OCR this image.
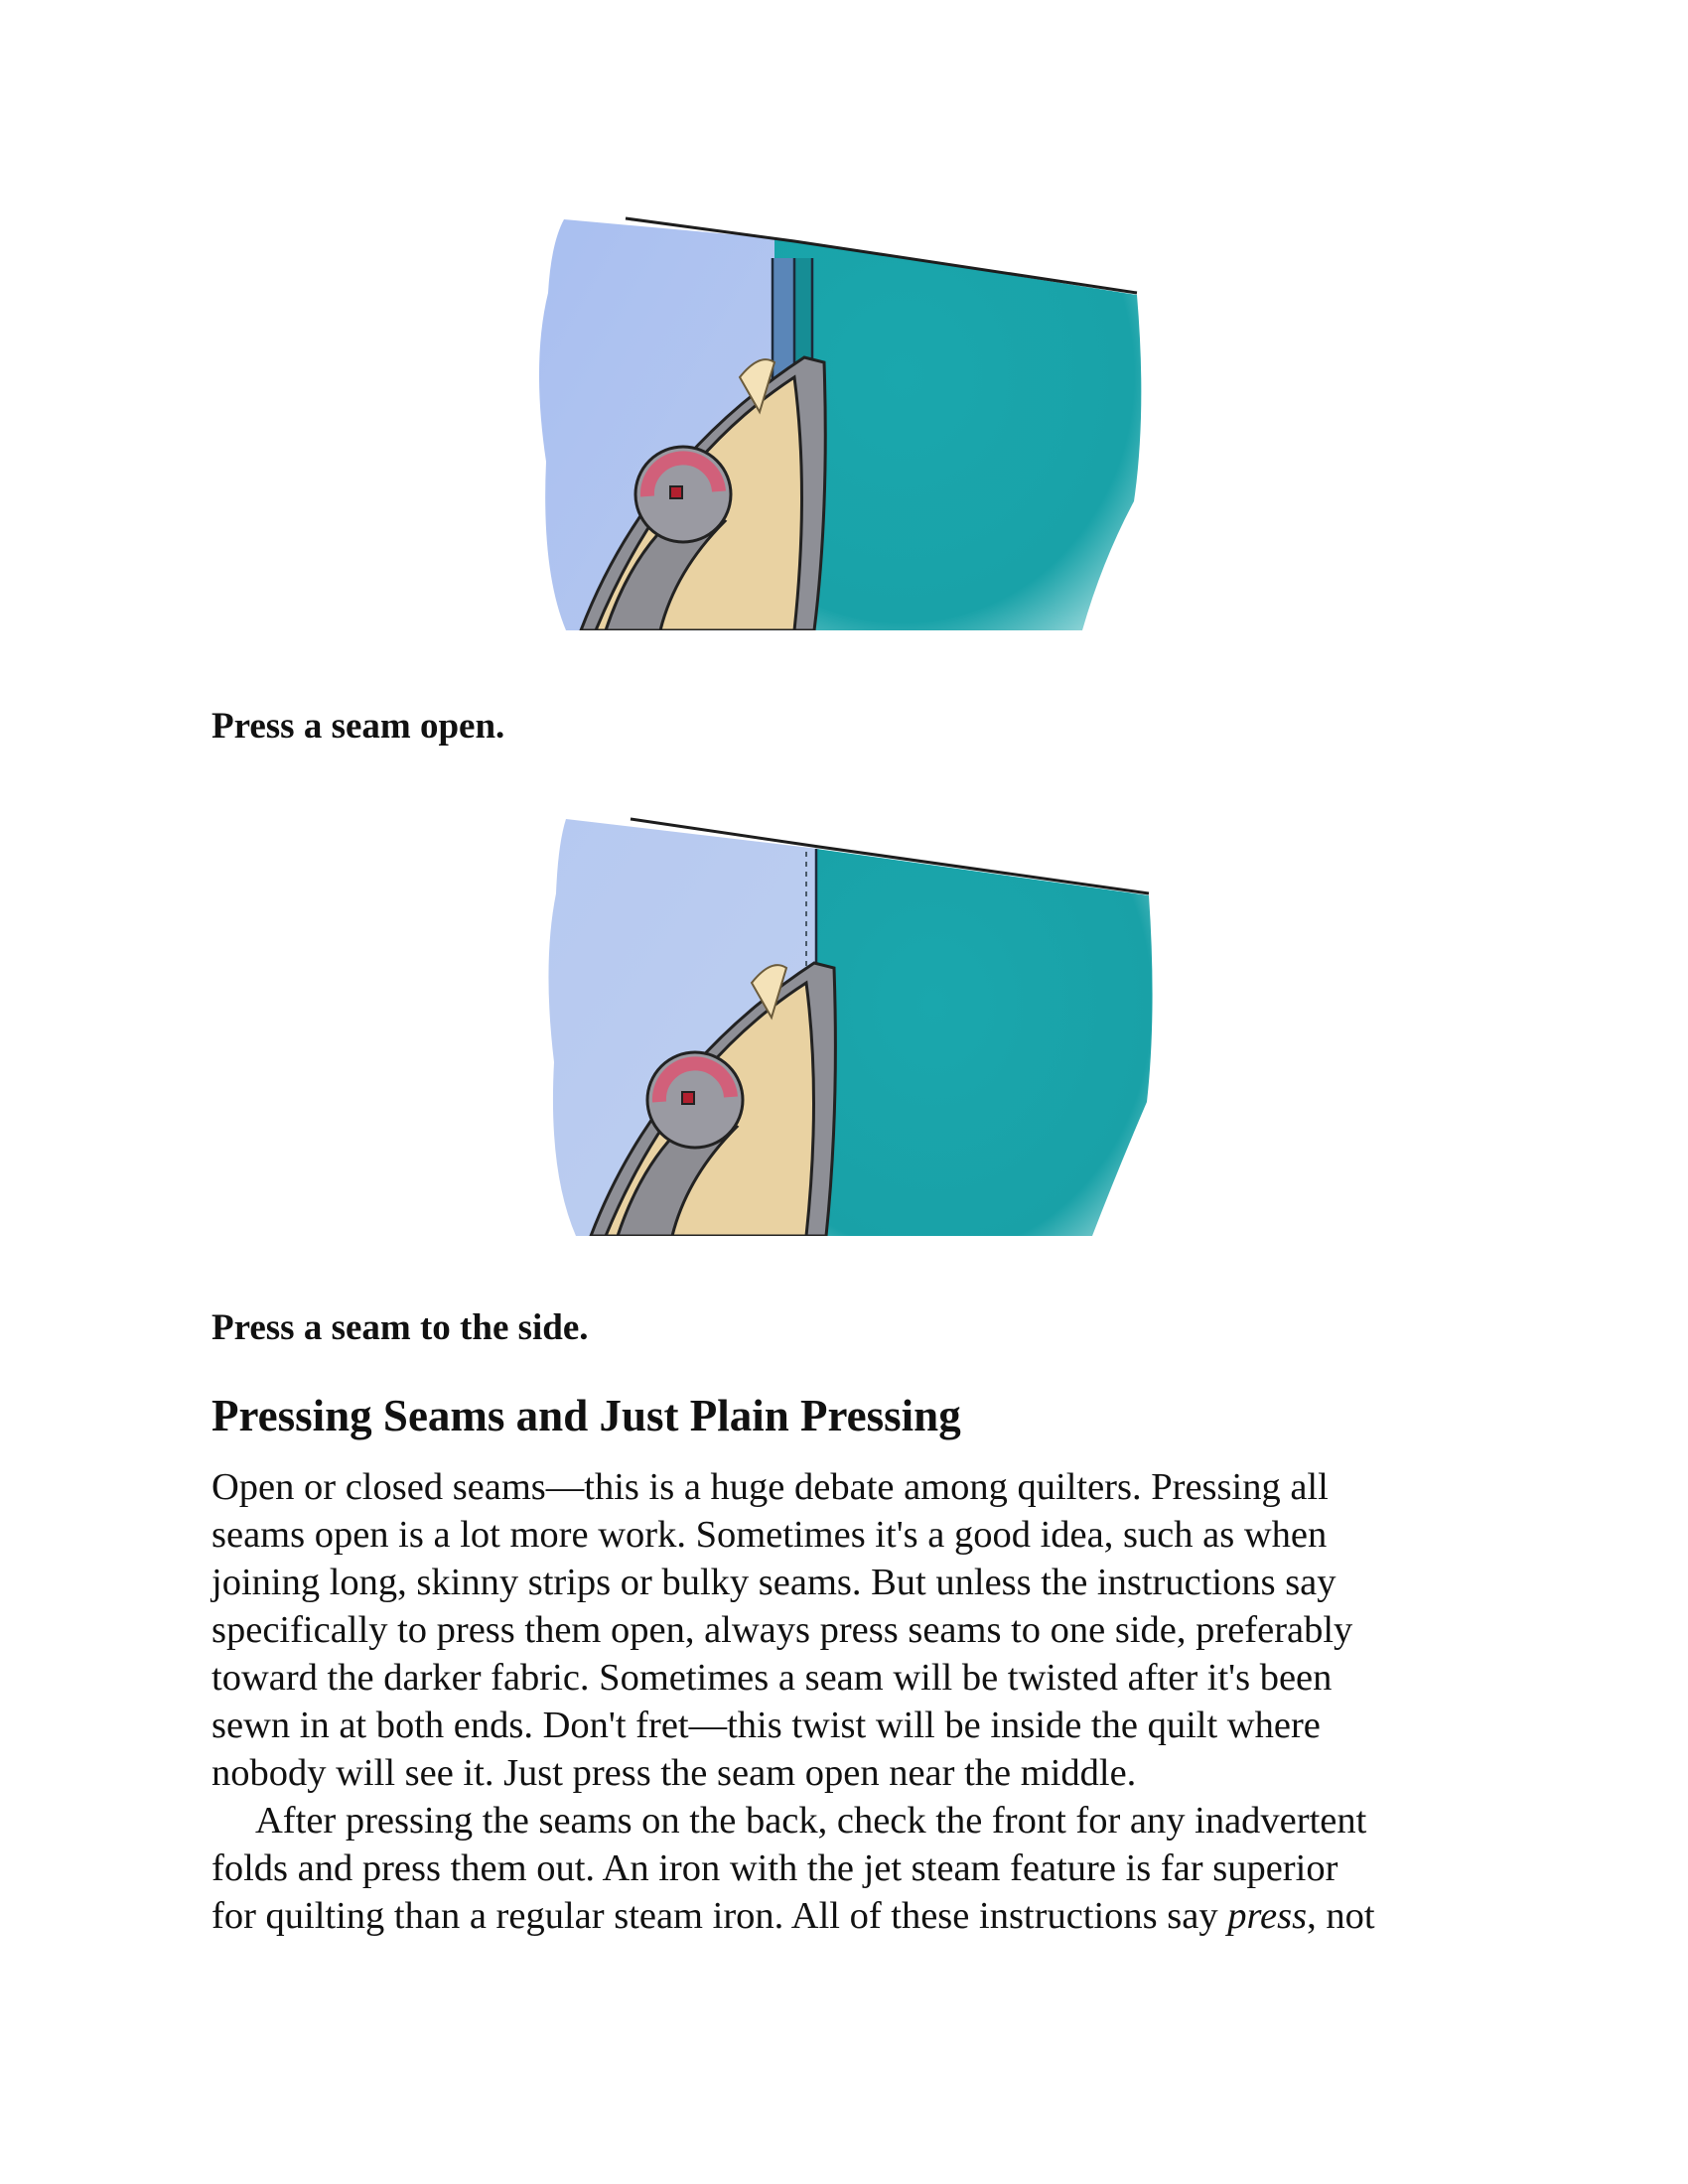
Press a seam open.

Press a seam to the side.

Pressing Seams and Just Plain Pressing
Open or closed seams—this is a huge debate among quilters. Pressing all
seams open is a lot more work. Sometimes it's a good idea, such as when
joining long, skinny strips or bulky seams. But unless the instructions say
specifically to press them open, always press seams to one side, preferably
toward the darker fabric. Sometimes a seam will be twisted after it's been
sewn in at both ends. Don't fret—this twist will be inside the quilt where
nobody will see it. Just press the seam open near the middle.
After pressing the seams on the back, check the front for any inadvertent
folds and press them out. An iron with the jet steam feature is far superior
for quilting than a regular steam iron. All of these instructions say press, not
